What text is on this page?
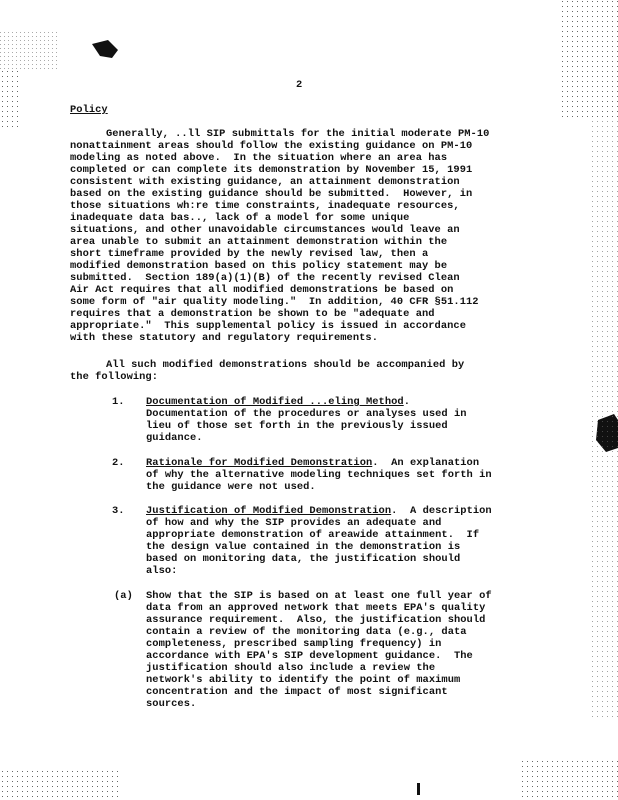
2
Policy
Generally, ..ll SIP submittals for the initial moderate PM-10
nonattainment areas should follow the existing guidance on PM-10
modeling as noted above.  In the situation where an area has
completed or can complete its demonstration by November 15, 1991
consistent with existing guidance, an attainment demonstration
based on the existing guidance should be submitted.  However, in
those situations wh:re time constraints, inadequate resources,
inadequate data bas.., lack of a model for some unique
situations, and other unavoidable circumstances would leave an
area unable to submit an attainment demonstration within the
short timeframe provided by the newly revised law, then a
modified demonstration based on this policy statement may be
submitted.  Section 189(a)(1)(B) of the recently revised Clean
Air Act requires that all modified demonstrations be based on
some form of "air quality modeling."  In addition, 40 CFR §51.112
requires that a demonstration be shown to be "adequate and
appropriate."  This supplemental policy is issued in accordance
with these statutory and regulatory requirements.
All such modified demonstrations should be accompanied by
the following:
1. Documentation of Modified ...eling Method.
Documentation of the procedures or analyses used in
lieu of those set forth in the previously issued
guidance.
2. Rationale for Modified Demonstration.  An explanation
of why the alternative modeling techniques set forth in
the guidance were not used.
3. Justification of Modified Demonstration.  A description
of how and why the SIP provides an adequate and
appropriate demonstration of areawide attainment.  If
the design value contained in the demonstration is
based on monitoring data, the justification should
also:
(a) Show that the SIP is based on at least one full year of
data from an approved network that meets EPA's quality
assurance requirement.  Also, the justification should
contain a review of the monitoring data (e.g., data
completeness, prescribed sampling frequency) in
accordance with EPA's SIP development guidance.  The
justification should also include a review the
network's ability to identify the point of maximum
concentration and the impact of most significant
sources.
